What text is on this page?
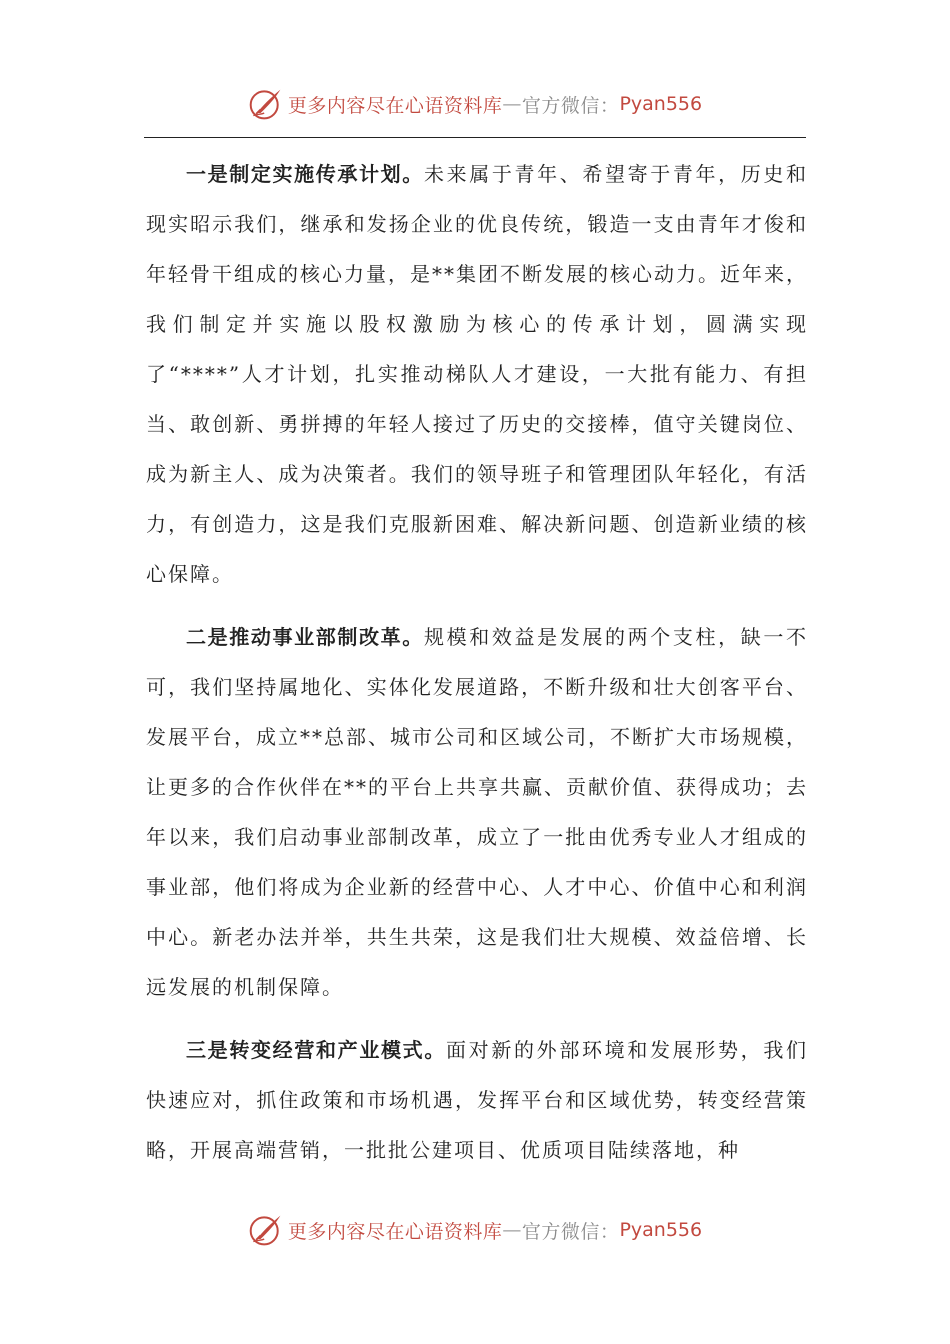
更多内容尽在心语资料库 — 官方微信： Pyan556

一是制定实施传承计划。未来属于青年、希望寄于青年，历史和现实昭示我们，继承和发扬企业的优良传统，锻造一支由青年才俊和年轻骨干组成的核心力量，是**集团不断发展的核心动力。近年来，我们制定并实施以股权激励为核心的传承计划，圆满实现了“****”人才计划，扎实推动梯队人才建设，一大批有能力、有担当、敢创新、勇拼搏的年轻人接过了历史的交接棒，值守关键岗位、成为新主人、成为决策者。我们的领导班子和管理团队年轻化，有活力，有创造力，这是我们克服新困难、解决新问题、创造新业绩的核心保障。

二是推动事业部制改革。规模和效益是发展的两个支柱，缺一不可，我们坚持属地化、实体化发展道路，不断升级和壮大创客平台、发展平台，成立**总部、城市公司和区域公司，不断扩大市场规模，让更多的合作伙伴在**的平台上共享共赢、贡献价值、获得成功；去年以来，我们启动事业部制改革，成立了一批由优秀专业人才组成的事业部，他们将成为企业新的经营中心、人才中心、价值中心和利润中心。新老办法并举，共生共荣，这是我们壮大规模、效益倍增、长远发展的机制保障。

三是转变经营和产业模式。面对新的外部环境和发展形势，我们快速应对，抓住政策和市场机遇，发挥平台和区域优势，转变经营策略，开展高端营销，一批批公建项目、优质项目陆续落地，种

更多内容尽在心语资料库 — 官方微信： Pyan556
